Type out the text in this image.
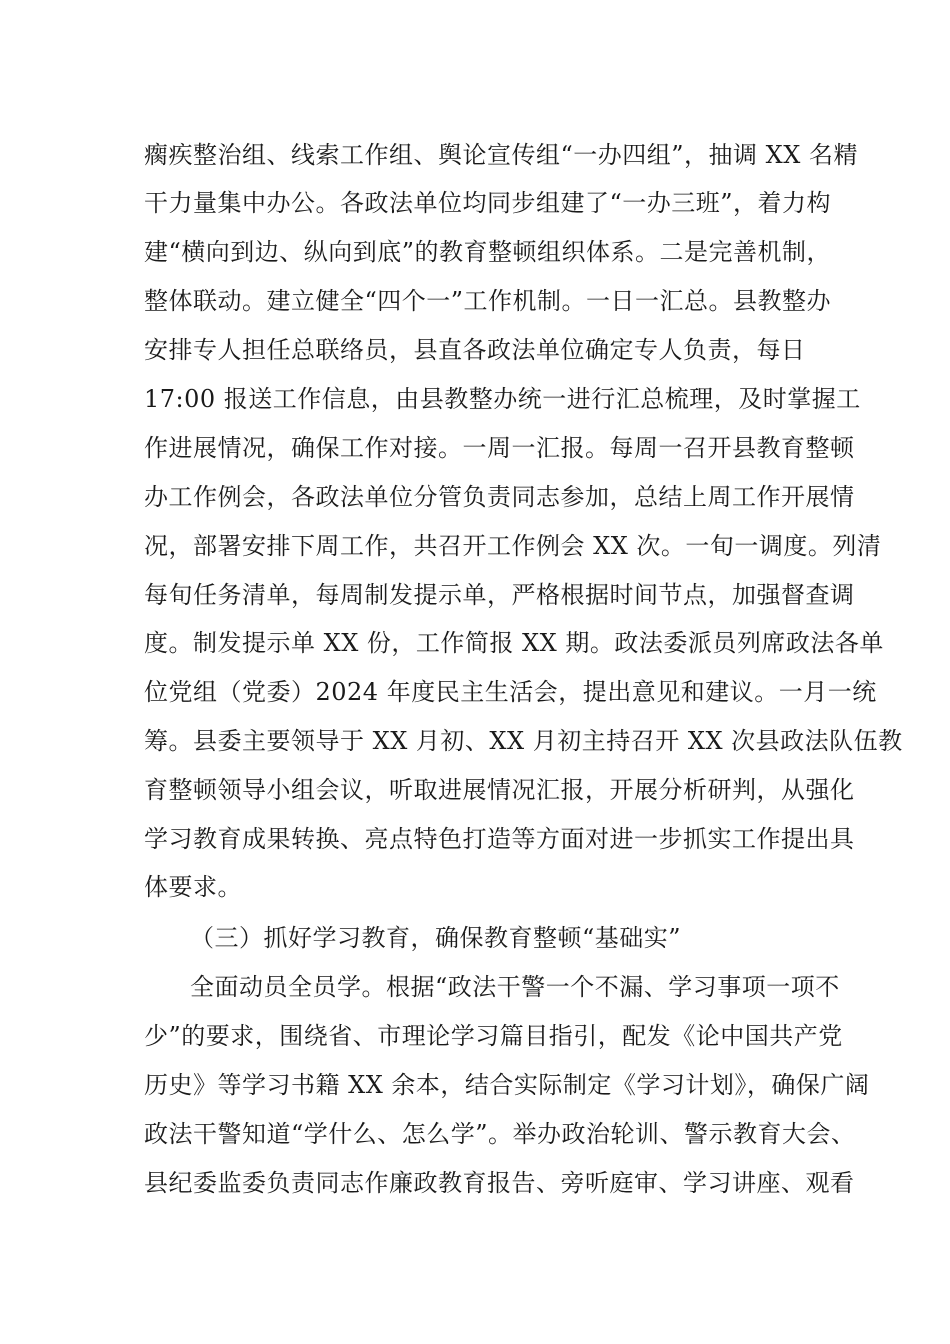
瘸疾整治组、线索工作组、舆论宣传组“一办四组”，抽调 XX 名精
干力量集中办公。各政法单位均同步组建了“一办三班”，着力构
建“横向到边、纵向到底”的教育整顿组织体系。二是完善机制，
整体联动。建立健全“四个一”工作机制。一日一汇总。县教整办
安排专人担任总联络员，县直各政法单位确定专人负责，每日
17:00 报送工作信息，由县教整办统一进行汇总梳理，及时掌握工
作进展情况，确保工作对接。一周一汇报。每周一召开县教育整顿
办工作例会，各政法单位分管负责同志参加，总结上周工作开展情
况，部署安排下周工作，共召开工作例会 XX 次。一旬一调度。列清
每旬任务清单，每周制发提示单，严格根据时间节点，加强督查调
度。制发提示单 XX 份，工作简报 XX 期。政法委派员列席政法各单
位党组（党委）2024 年度民主生活会，提出意见和建议。一月一统
筹。县委主要领导于 XX 月初、XX 月初主持召开 XX 次县政法队伍教
育整顿领导小组会议，听取进展情况汇报，开展分析研判，从强化
学习教育成果转换、亮点特色打造等方面对进一步抓实工作提出具
体要求。
（三）抓好学习教育，确保教育整顿“基础实”
全面动员全员学。根据“政法干警一个不漏、学习事项一项不
少”的要求，围绕省、市理论学习篇目指引，配发《论中国共产党
历史》等学习书籍 XX 余本，结合实际制定《学习计划》，确保广阔
政法干警知道“学什么、怎么学”。举办政治轮训、警示教育大会、
县纪委监委负责同志作廉政教育报告、旁听庭审、学习讲座、观看
